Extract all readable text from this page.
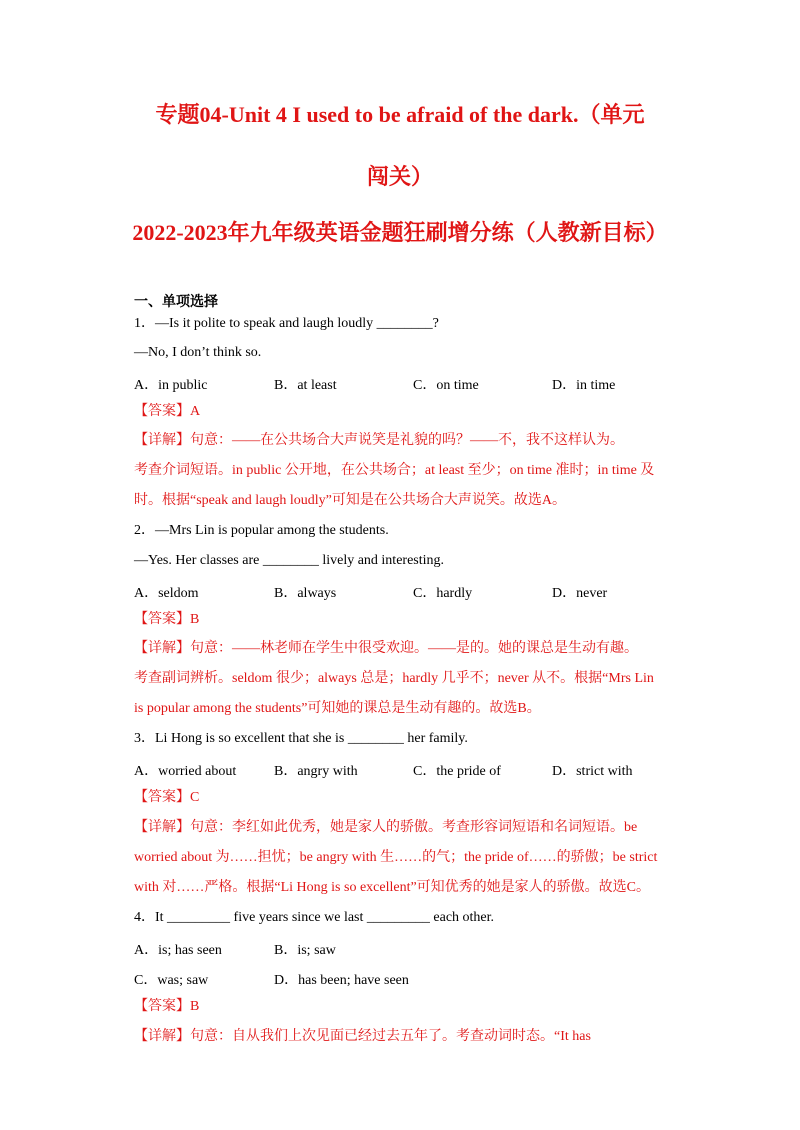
专题04-Unit 4 I used to be afraid of the dark.（单元
闯关）
2022-2023年九年级英语金题狂刷增分练（人教新目标）
一、单项选择
1．—Is it polite to speak and laugh loudly ________?
—No, I don’t think so.
A．in public	B．at least	C．on time	D．in time
【答案】A
【详解】句意：——在公共场合大声说笑是礼貌的吗？——不，我不这样认为。
考查介词短语。in public 公开地，在公共场合；at least 至少；on time 准时；in time 及
时。根据“speak and laugh loudly”可知是在公共场合大声说笑。故选A。
2．—Mrs Lin is popular among the students.
—Yes. Her classes are ________ lively and interesting.
A．seldom	B．always	C．hardly	D．never
【答案】B
【详解】句意：——林老师在学生中很受欢迎。——是的。她的课总是生动有趣。
考查副词辨析。seldom 很少；always 总是；hardly 几乎不；never 从不。根据“Mrs Lin
is popular among the students”可知她的课总是生动有趣的。故选B。
3．Li Hong is so excellent that she is ________ her family.
A．worried about	B．angry with	C．the pride of	D．strict with
【答案】C
【详解】句意：李红如此优秀，她是家人的骄傲。考查形容词短语和名词短语。be
worried about 为……担忧；be angry with 生……的气；the pride of……的骄傲；be strict
with 对……严格。根据“Li Hong is so excellent”可知优秀的她是家人的骄傲。故选C。
4．It _________ five years since we last _________ each other.
A．is; has seen	B．is; saw
C．was; saw	D．has been; have seen
【答案】B
【详解】句意：自从我们上次见面已经过去五年了。考查动词时态。“It has
